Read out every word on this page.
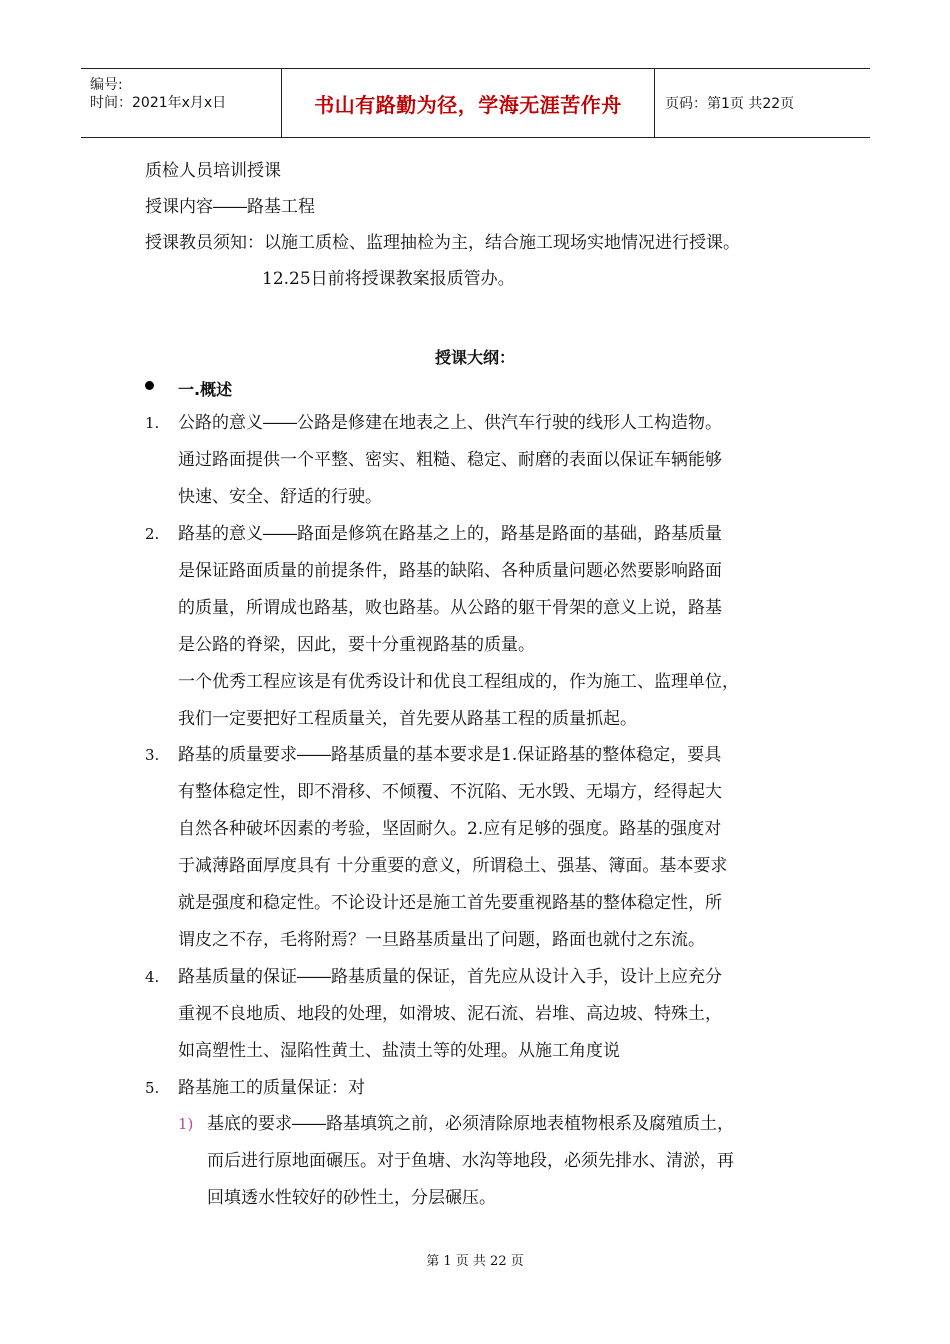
编号:
时间：2021年x月x日	书山有路勤为径，学海无涯苦作舟	页码：第1页 共22页
质检人员培训授课
授课内容――路基工程
授课教员须知：以施工质检、监理抽检为主，结合施工现场实地情况进行授课。
12.25日前将授课教案报质管办。
授课大纲：
一.概述
1. 公路的意义――公路是修建在地表之上、供汽车行驶的线形人工构造物。
通过路面提供一个平整、密实、粗糙、稳定、耐磨的表面以保证车辆能够
快速、安全、舒适的行驶。
2. 路基的意义――路面是修筑在路基之上的，路基是路面的基础，路基质量
是保证路面质量的前提条件，路基的缺陷、各种质量问题必然要影响路面
的质量，所谓成也路基，败也路基。从公路的躯干骨架的意义上说，路基
是公路的脊梁，因此，要十分重视路基的质量。
一个优秀工程应该是有优秀设计和优良工程组成的，作为施工、监理单位，
我们一定要把好工程质量关，首先要从路基工程的质量抓起。
3. 路基的质量要求――路基质量的基本要求是1.保证路基的整体稳定，要具
有整体稳定性，即不滑移、不倾覆、不沉陷、无水毁、无塌方，经得起大
自然各种破坏因素的考验，坚固耐久。2.应有足够的强度。路基的强度对
于减薄路面厚度具有 十分重要的意义，所谓稳土、强基、簿面。基本要求
就是强度和稳定性。不论设计还是施工首先要重视路基的整体稳定性，所
谓皮之不存，毛将附焉？一旦路基质量出了问题，路面也就付之东流。
4. 路基质量的保证――路基质量的保证，首先应从设计入手，设计上应充分
重视不良地质、地段的处理，如滑坡、泥石流、岩堆、高边坡、特殊土，
如高塑性土、湿陷性黄土、盐渍土等的处理。从施工角度说
5. 路基施工的质量保证：对
1) 基底的要求――路基填筑之前，必须清除原地表植物根系及腐殖质土，
而后进行原地面碾压。对于鱼塘、水沟等地段，必须先排水、清淤，再
回填透水性较好的砂性土，分层碾压。
第 1 页 共 22 页
